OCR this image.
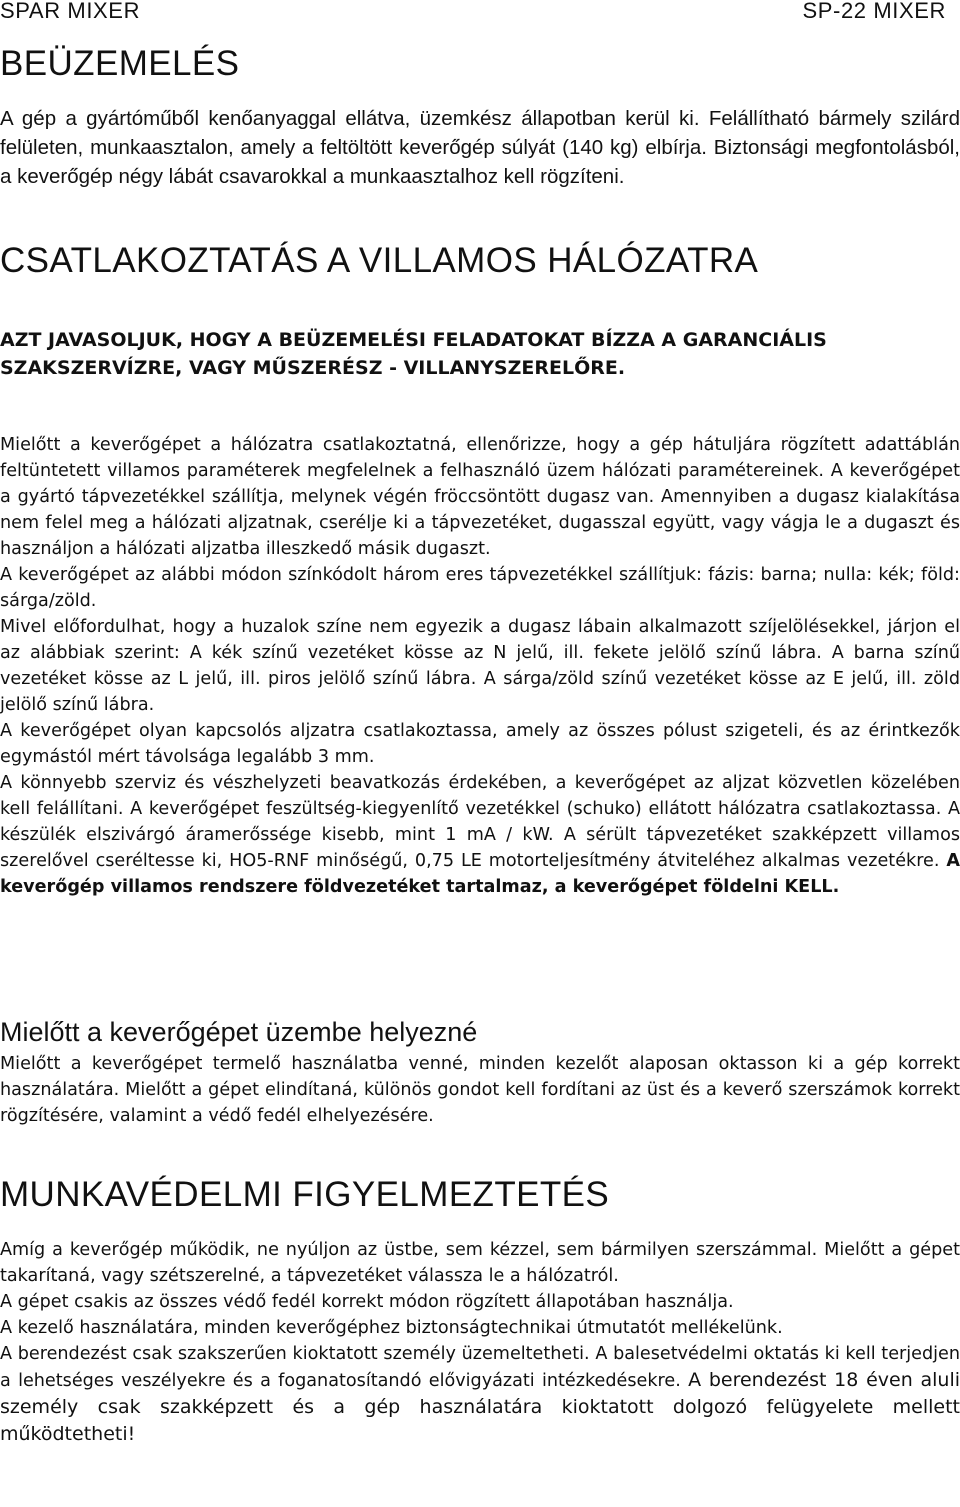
SPAR MIXER	SP-22 MIXER
BEÜZEMELÉS

A gép a gyártóműből kenőanyaggal ellátva, üzemkész állapotban kerül ki. Felállítható bármely szilárd felületen, munkaasztalon, amely a feltöltött keverőgép súlyát (140 kg) elbírja. Biztonsági megfontolásból, a keverőgép négy lábát csavarokkal a munkaasztalhoz kell rögzíteni.

CSATLAKOZTATÁS A VILLAMOS HÁLÓZATRA
AZT JAVASOLJUK, HOGY A BEÜZEMELÉSI FELADATOKAT BÍZZA A GARANCIÁLIS SZAKSZERVÍZRE, VAGY MŰSZERÉSZ - VILLANYSZERELŐRE.

Mielőtt a keverőgépet a hálózatra csatlakoztatná, ellenőrizze, hogy a gép hátuljára rögzített adattáblán feltüntetett villamos paraméterek megfelelnek a felhasználó üzem hálózati paramétereinek. A keverőgépet a gyártó tápvezetékkel szállítja, melynek végén fröccsöntött dugasz van. Amennyiben a dugasz kialakítása nem felel meg a hálózati aljzatnak, cserélje ki a tápvezetéket, dugasszal együtt, vagy vágja le a dugaszt és használjon a hálózati aljzatba illeszkedő másik dugaszt.

A keverőgépet az alábbi módon színkódolt három eres tápvezetékkel szállítjuk: fázis: barna; nulla: kék; föld: sárga/zöld.

Mivel előfordulhat, hogy a huzalok színe nem egyezik a dugasz lábain alkalmazott szíjelölésekkel, járjon el az alábbiak szerint: A kék színű vezetéket kösse az N jelű, ill. fekete jelölő színű lábra. A barna színű vezetéket kösse az L jelű, ill. piros jelölő színű lábra. A sárga/zöld színű vezetéket kösse az E jelű, ill. zöld jelölő színű lábra.

A keverőgépet olyan kapcsolós aljzatra csatlakoztassa, amely az összes pólust szigeteli, és az érintkezők egymástól mért távolsága legalább 3 mm.

A könnyebb szerviz és vészhelyzeti beavatkozás érdekében, a keverőgépet az aljzat közvetlen közelében kell felállítani. A keverőgépet feszültség-kiegyenlítő vezetékkel (schuko) ellátott hálózatra csatlakoztassa. A készülék elszivárgó áramerőssége kisebb, mint 1 mA / kW. A sérült tápvezetéket szakképzett villamos szerelővel cseréltesse ki, HO5-RNF minőségű, 0,75 LE motorteljesítmény átviteléhez alkalmas vezetékre. A keverőgép villamos rendszere földvezetéket tartalmaz, a keverőgépet földelni KELL.

Mielőtt a keverőgépet üzembe helyezné

Mielőtt a keverőgépet termelő használatba venné, minden kezelőt alaposan oktasson ki a gép korrekt használatára. Mielőtt a gépet elindítaná, különös gondot kell fordítani az üst és a keverő szerszámok korrekt rögzítésére, valamint a védő fedél elhelyezésére.

MUNKAVÉDELMI FIGYELMEZTETÉS

Amíg a keverőgép működik, ne nyúljon az üstbe, sem kézzel, sem bármilyen szerszámmal. Mielőtt a gépet takarítaná, vagy szétszerelné, a tápvezetéket válassza le a hálózatról.

A gépet csakis az összes védő fedél korrekt módon rögzített állapotában használja.

A kezelő használatára, minden keverőgéphez biztonságtechnikai útmutatót mellékelünk.

A berendezést csak szakszerűen kioktatott személy üzemeltetheti. A balesetvédelmi oktatás ki kell terjedjen a lehetséges veszélyekre és a foganatosítandó elővigyázati intézkedésekre. A berendezést 18 éven aluli személy csak szakképzett és a gép használatára kioktatott dolgozó felügyelete mellett működtetheti!
